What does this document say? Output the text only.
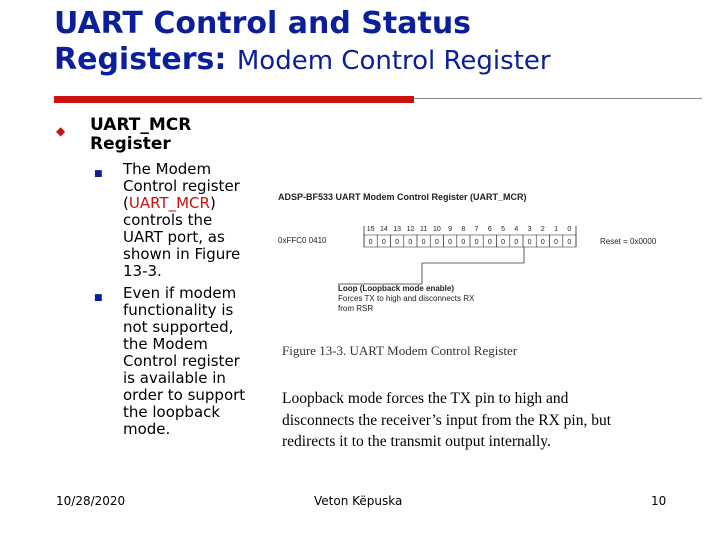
UART Control and Status
Registers: Modem Control Register
◆ UART_MCR
Register
■ The Modem
Control register
(UART_MCR)
controls the
UART port, as
shown in Figure
13-3.
■ Even if modem
functionality is
not supported,
the Modem
Control register
is available in
order to support
the loopback
mode.
ADSP-BF533 UART Modem Control Register (UART_MCR)
0xFFC0 0410
15 14 13 12 11 10 9 8 7 6 5 4 3 2 1 0
0 0 0 0 0 0 0 0 0 0 0 0 0 0 0 0	Reset = 0x0000
Loop (Loopback mode enable)
Forces TX to high and disconnects RX
from RSR
Figure 13-3. UART Modem Control Register
Loopback mode forces the TX pin to high and
disconnects the receiver’s input from the RX pin, but
redirects it to the transmit output internally.
10/28/2020	Veton Këpuska	10
